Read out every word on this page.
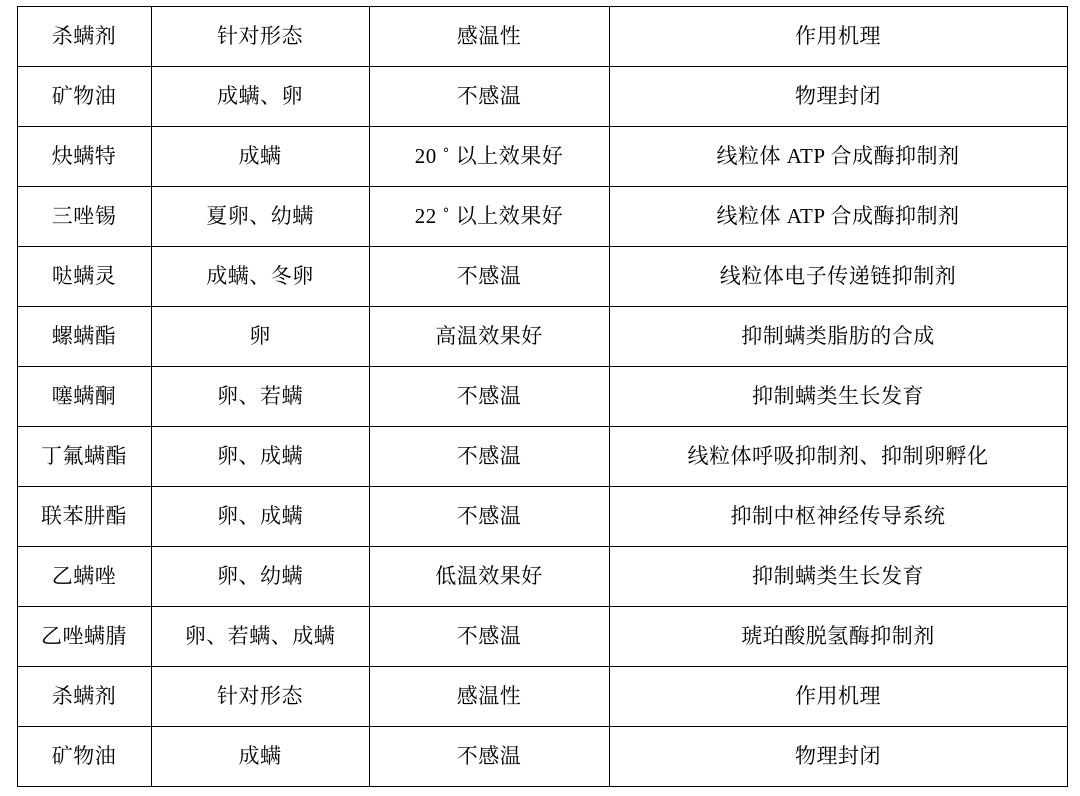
杀螨剂	针对形态	感温性	作用机理
矿物油	成螨、卵	不感温	物理封闭
炔螨特	成螨	20 ˚ 以上效果好	线粒体 ATP 合成酶抑制剂
三唑锡	夏卵、幼螨	22 ˚ 以上效果好	线粒体 ATP 合成酶抑制剂
哒螨灵	成螨、冬卵	不感温	线粒体电子传递链抑制剂
螺螨酯	卵	高温效果好	抑制螨类脂肪的合成
噻螨酮	卵、若螨	不感温	抑制螨类生长发育
丁氟螨酯	卵、成螨	不感温	线粒体呼吸抑制剂、抑制卵孵化
联苯肼酯	卵、成螨	不感温	抑制中枢神经传导系统
乙螨唑	卵、幼螨	低温效果好	抑制螨类生长发育
乙唑螨腈	卵、若螨、成螨	不感温	琥珀酸脱氢酶抑制剂
杀螨剂	针对形态	感温性	作用机理
矿物油	成螨	不感温	物理封闭
